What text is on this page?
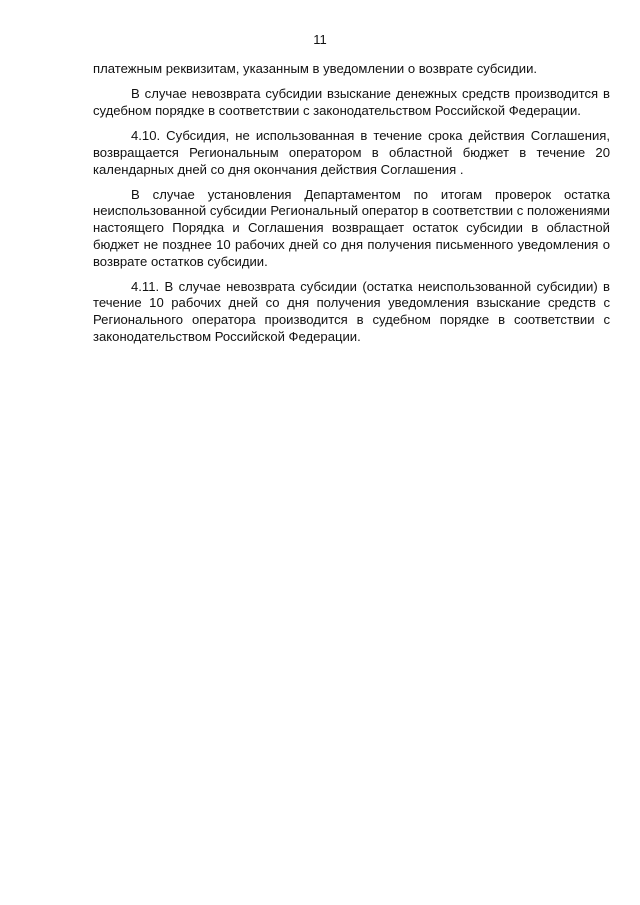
11

платежным реквизитам, указанным в уведомлении о возврате субсидии.

В случае невозврата субсидии взыскание денежных средств производится в судебном порядке в соответствии с законодательством Российской Федерации.

4.10. Субсидия, не использованная в течение срока действия Соглашения, возвращается Региональным оператором в областной бюджет в течение 20 календарных дней со дня окончания действия Соглашения .

В случае установления Департаментом по итогам проверок остатка неиспользованной субсидии Региональный оператор в соответствии с положениями настоящего Порядка и Соглашения возвращает остаток субсидии в областной бюджет не позднее 10 рабочих дней со дня получения письменного уведомления о возврате остатков субсидии.

4.11. В случае невозврата субсидии (остатка неиспользованной субсидии) в течение 10 рабочих дней со дня получения уведомления взыскание средств с Регионального оператора производится в судебном порядке в соответствии с законодательством Российской Федерации.
